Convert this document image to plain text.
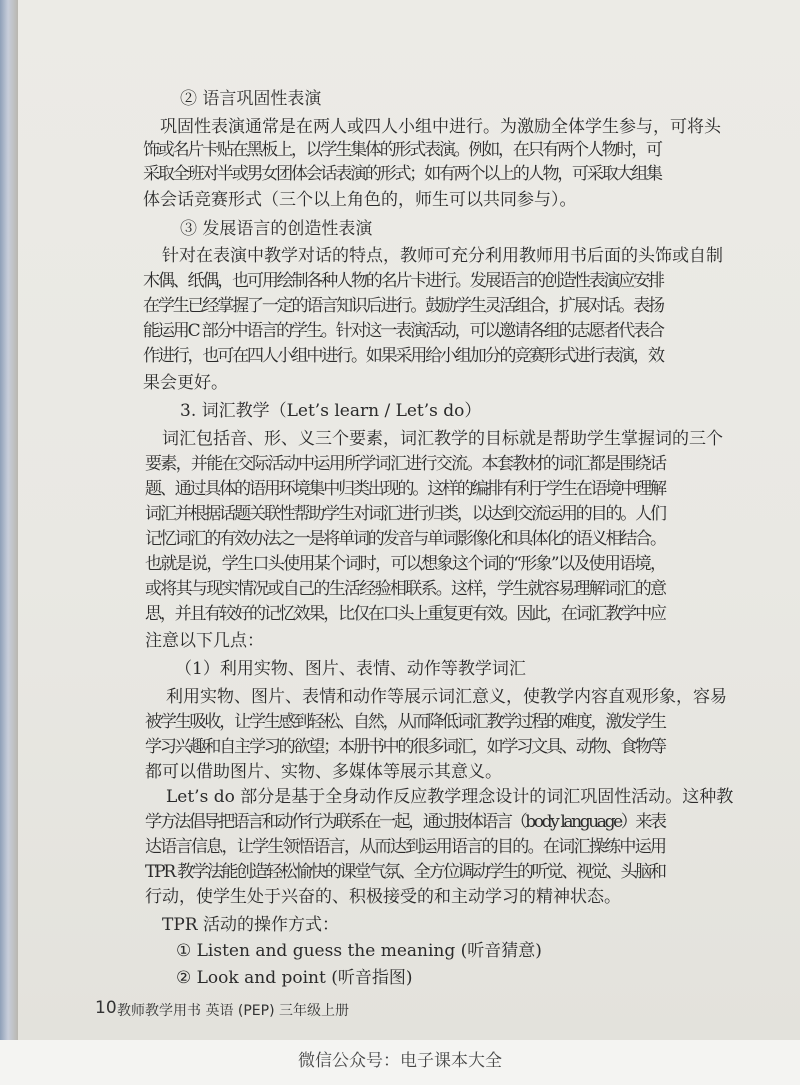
② 语言巩固性表演
巩固性表演通常是在两人或四人小组中进行。为激励全体学生参与，可将头
饰或名片卡贴在黑板上，以学生集体的形式表演。例如，在只有两个人物时，可
采取全班对半或男女团体会话表演的形式；如有两个以上的人物，可采取大组集
体会话竞赛形式（三个以上角色的，师生可以共同参与）。
③ 发展语言的创造性表演
针对在表演中教学对话的特点，教师可充分利用教师用书后面的头饰或自制
木偶、纸偶，也可用绘制各种人物的名片卡进行。发展语言的创造性表演应安排
在学生已经掌握了一定的语言知识后进行。鼓励学生灵活组合，扩展对话。表扬
能运用C 部分中语言的学生。针对这一表演活动，可以邀请各组的志愿者代表合
作进行，也可在四人小组中进行。如果采用给小组加分的竞赛形式进行表演，效
果会更好。
3. 词汇教学（Let’s learn / Let’s do）
词汇包括音、形、义三个要素，词汇教学的目标就是帮助学生掌握词的三个
要素，并能在交际活动中运用所学词汇进行交流。本套教材的词汇都是围绕话
题、通过具体的语用环境集中归类出现的。这样的编排有利于学生在语境中理解
词汇并根据话题关联性帮助学生对词汇进行归类，以达到交流运用的目的。人们
记忆词汇的有效办法之一是将单词的发音与单词影像化和具体化的语义相结合。
也就是说，学生口头使用某个词时，可以想象这个词的“形象”以及使用语境，
或将其与现实情况或自己的生活经验相联系。这样，学生就容易理解词汇的意
思，并且有较好的记忆效果，比仅在口头上重复更有效。因此，在词汇教学中应
注意以下几点：
（1）利用实物、图片、表情、动作等教学词汇
利用实物、图片、表情和动作等展示词汇意义，使教学内容直观形象，容易
被学生吸收，让学生感到轻松、自然，从而降低词汇教学过程的难度，激发学生
学习兴趣和自主学习的欲望；本册书中的很多词汇，如学习文具、动物、食物等
都可以借助图片、实物、多媒体等展示其意义。
Let’s do 部分是基于全身动作反应教学理念设计的词汇巩固性活动。这种教
学方法倡导把语言和动作行为联系在一起，通过肢体语言（body language）来表
达语言信息，让学生领悟语言，从而达到运用语言的目的。在词汇操练中运用
TPR 教学法能创造轻松愉快的课堂气氛、全方位调动学生的听觉、视觉、头脑和
行动，使学生处于兴奋的、积极接受的和主动学习的精神状态。
TPR 活动的操作方式：
① Listen and guess the meaning (听音猜意)
② Look and point (听音指图)
10 教师教学用书 英语 (PEP) 三年级上册
微信公众号：电子课本大全
